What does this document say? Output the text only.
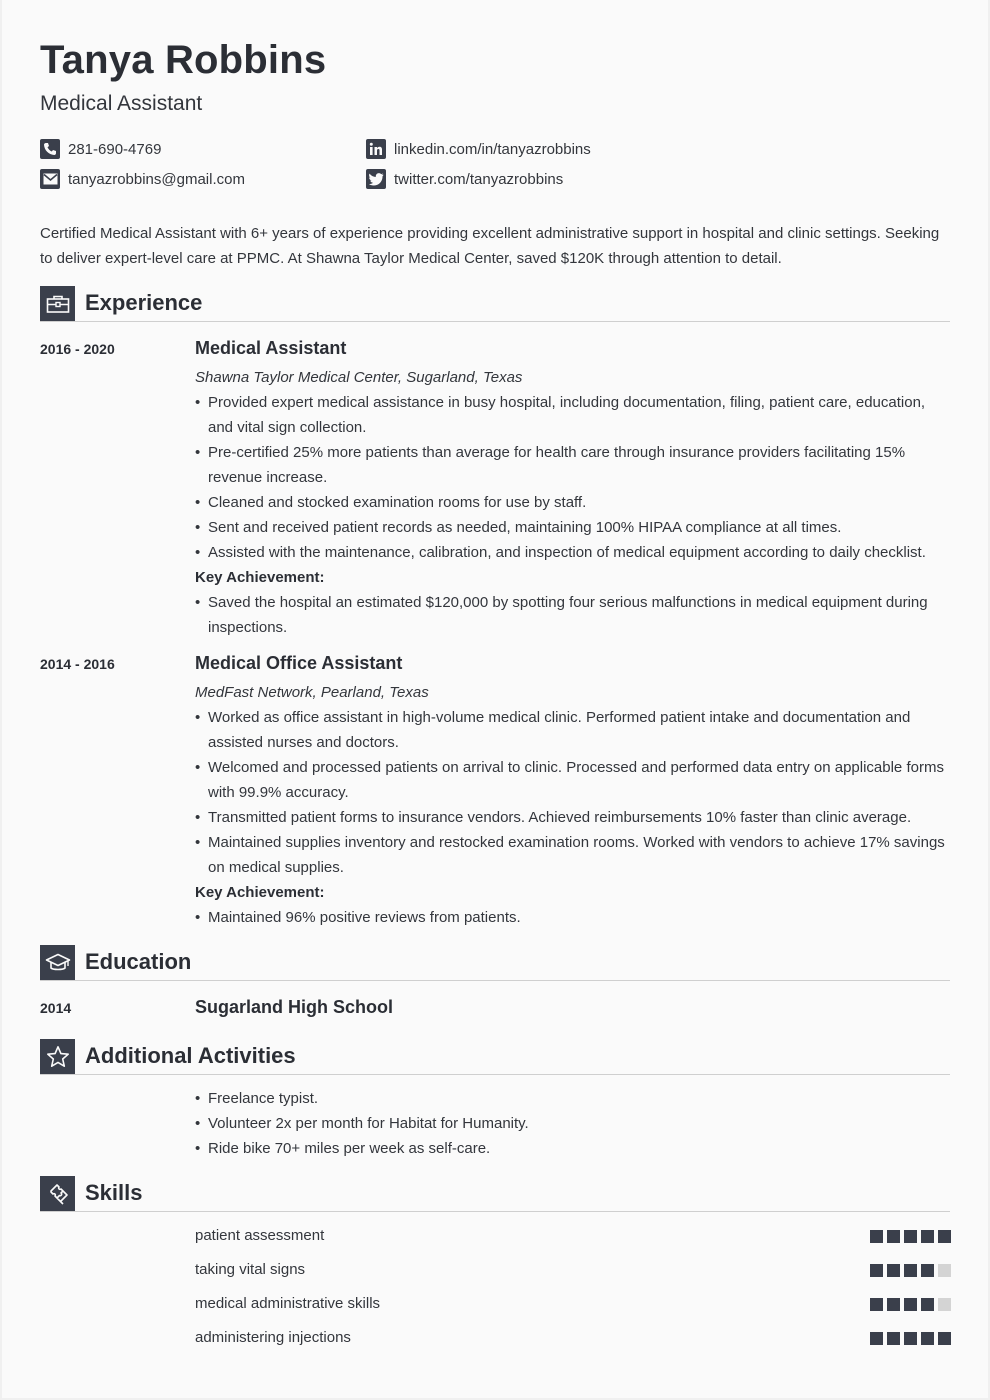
Tanya Robbins
Medical Assistant
281-690-4769
tanyazrobbins@gmail.com
linkedin.com/in/tanyazrobbins
twitter.com/tanyazrobbins
Certified Medical Assistant with 6+ years of experience providing excellent administrative support in hospital and clinic settings. Seeking to deliver expert-level care at PPMC. At Shawna Taylor Medical Center, saved $120K through attention to detail.
Experience
2016 - 2020	Medical Assistant
Shawna Taylor Medical Center, Sugarland, Texas
• Provided expert medical assistance in busy hospital, including documentation, filing, patient care, education, and vital sign collection.
• Pre-certified 25% more patients than average for health care through insurance providers facilitating 15% revenue increase.
• Cleaned and stocked examination rooms for use by staff.
• Sent and received patient records as needed, maintaining 100% HIPAA compliance at all times.
• Assisted with the maintenance, calibration, and inspection of medical equipment according to daily checklist.
Key Achievement:
• Saved the hospital an estimated $120,000 by spotting four serious malfunctions in medical equipment during inspections.
2014 - 2016	Medical Office Assistant
MedFast Network, Pearland, Texas
• Worked as office assistant in high-volume medical clinic. Performed patient intake and documentation and assisted nurses and doctors.
• Welcomed and processed patients on arrival to clinic. Processed and performed data entry on applicable forms with 99.9% accuracy.
• Transmitted patient forms to insurance vendors. Achieved reimbursements 10% faster than clinic average.
• Maintained supplies inventory and restocked examination rooms. Worked with vendors to achieve 17% savings on medical supplies.
Key Achievement:
• Maintained 96% positive reviews from patients.
Education
2014	Sugarland High School
Additional Activities
• Freelance typist.
• Volunteer 2x per month for Habitat for Humanity.
• Ride bike 70+ miles per week as self-care.
Skills
patient assessment
taking vital signs
medical administrative skills
administering injections
